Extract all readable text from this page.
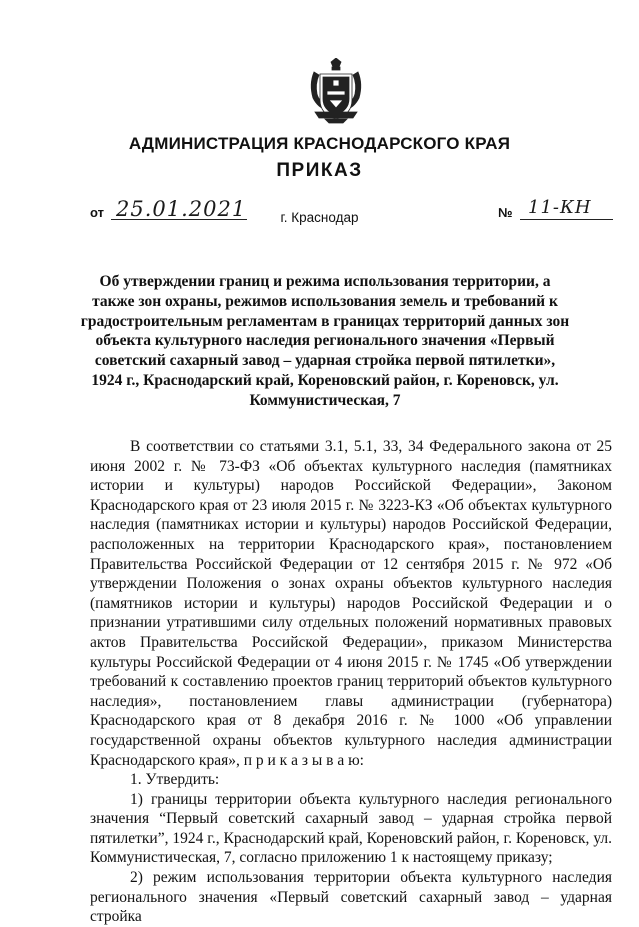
АДМИНИСТРАЦИЯ КРАСНОДАРСКОГО КРАЯ
ПРИКАЗ
от 25.01.2021	№ 11-КН
г. Краснодар
Об утверждении границ и режима использования территории, а также зон охраны, режимов использования земель и требований к градостроительным регламентам в границах территорий данных зон объекта культурного наследия регионального значения «Первый советский сахарный завод – ударная стройка первой пятилетки», 1924 г., Краснодарский край, Кореновский район, г. Кореновск, ул. Коммунистическая, 7

В соответствии со статьями 3.1, 5.1, 33, 34 Федерального закона от 25 июня 2002 г. № 73-ФЗ «Об объектах культурного наследия (памятниках истории и культуры) народов Российской Федерации», Законом Краснодарского края от 23 июля 2015 г. № 3223-КЗ «Об объектах культурного наследия (памятниках истории и культуры) народов Российской Федерации, расположенных на территории Краснодарского края», постановлением Правительства Российской Федерации от 12 сентября 2015 г. № 972 «Об утверждении Положения о зонах охраны объектов культурного наследия (памятников истории и культуры) народов Российской Федерации и о признании утратившими силу отдельных положений нормативных правовых актов Правительства Российской Федерации», приказом Министерства культуры Российской Федерации от 4 июня 2015 г. № 1745 «Об утверждении требований к составлению проектов границ территорий объектов культурного наследия», постановлением главы администрации (губернатора) Краснодарского края от 8 декабря 2016 г. № 1000 «Об управлении государственной охраны объектов культурного наследия администрации Краснодарского края», п р и к а з ы в а ю:

1. Утвердить:

1) границы территории объекта культурного наследия регионального значения “Первый советский сахарный завод – ударная стройка первой пятилетки”, 1924 г., Краснодарский край, Кореновский район, г. Кореновск, ул. Коммунистическая, 7, согласно приложению 1 к настоящему приказу;

2) режим использования территории объекта культурного наследия регионального значения «Первый советский сахарный завод – ударная стройка
